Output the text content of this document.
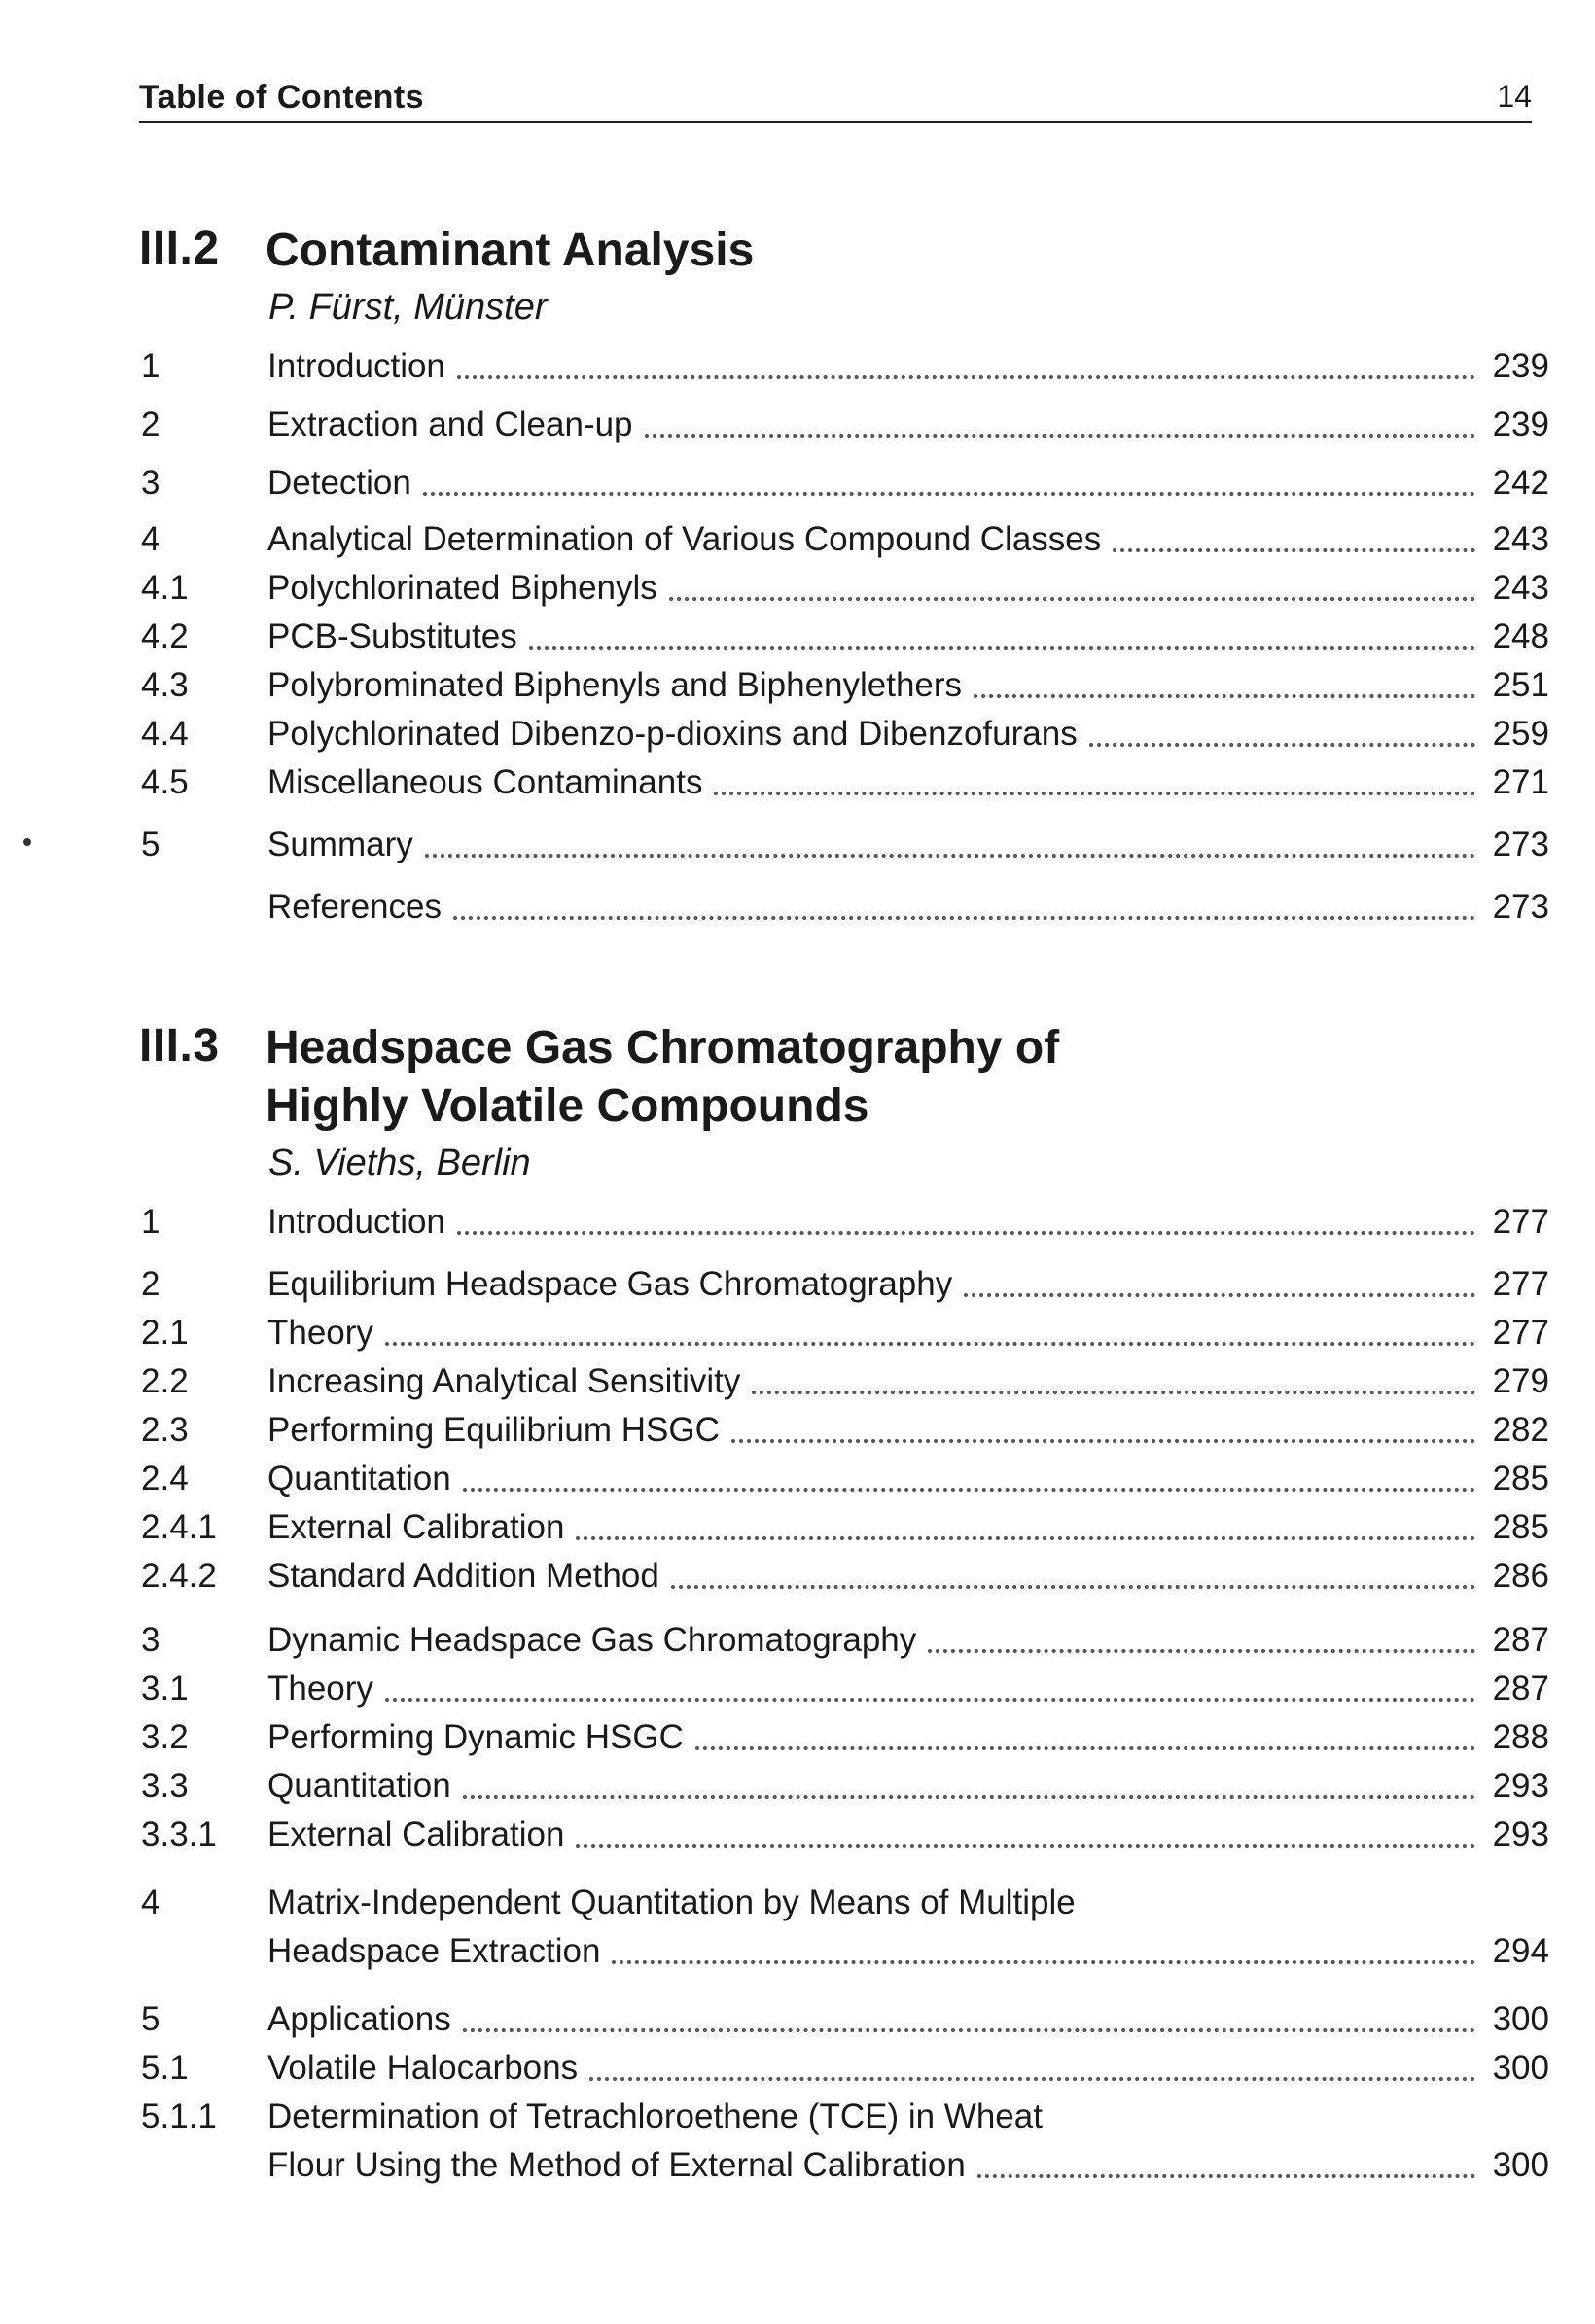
Table of Contents	14
III.2 Contaminant Analysis
P. Fürst, Münster
1	Introduction	239
2	Extraction and Clean-up	239
3	Detection	242
4	Analytical Determination of Various Compound Classes	243
4.1 Polychlorinated Biphenyls	243
4.2 PCB-Substitutes	248
4.3 Polybrominated Biphenyls and Biphenylethers	251
4.4 Polychlorinated Dibenzo-p-dioxins and Dibenzofurans	259
4.5 Miscellaneous Contaminants	271
5	Summary	273
References	273
III.3 Headspace Gas Chromatography of
Highly Volatile Compounds
S. Vieths, Berlin
1	Introduction	277
2	Equilibrium Headspace Gas Chromatography	277
2.1 Theory	277
2.2 Increasing Analytical Sensitivity	279
2.3 Performing Equilibrium HSGC	282
2.4 Quantitation	285
2.4.1 External Calibration	285
2.4.2 Standard Addition Method	286
3	Dynamic Headspace Gas Chromatography	287
3.1 Theory	287
3.2 Performing Dynamic HSGC	288
3.3 Quantitation	293
3.3.1 External Calibration	293
4	Matrix-Independent Quantitation by Means of Multiple
Headspace Extraction	294
5	Applications	300
5.1 Volatile Halocarbons	300
5.1.1 Determination of Tetrachloroethene (TCE) in Wheat
Flour Using the Method of External Calibration	300
